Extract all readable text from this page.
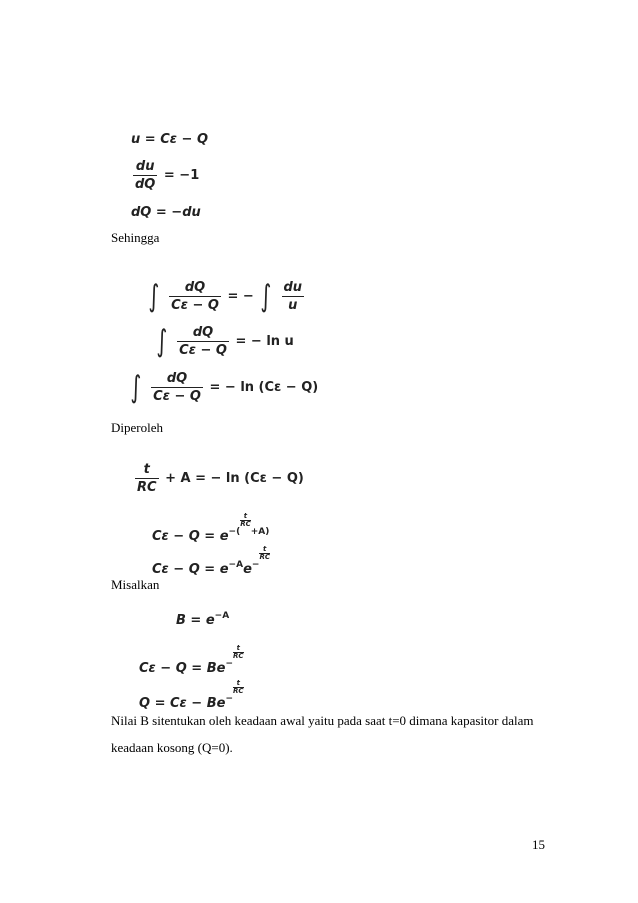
u = Cε − Q
$\frac{du}{dQ} = -1$
dQ = −du
Sehingga
∫ $\frac{dQ}{C\varepsilon - Q}$ = − ∫ $\frac{du}{u}$
∫ $\frac{dQ}{C\varepsilon - Q}$ = − ln u
∫ $\frac{dQ}{C\varepsilon - Q}$ = − ln (Cε − Q)
Diperoleh
$\frac{t}{RC} + A$ = − ln (Cε − Q)
$C\varepsilon - Q = e^{-( \frac{t}{RC} +A)}$
$C\varepsilon - Q = e^{-A}e^{- \frac{t}{RC}}$
Misalkan
$B = e^{-A}$
$C\varepsilon - Q = Be^{- \frac{t}{RC}}$
$Q = C\varepsilon - Be^{- \frac{t}{RC}}$
Nilai B sitentukan oleh keadaan awal yaitu pada saat t=0 dimana kapasitor dalam
keadaan kosong (Q=0).
15
